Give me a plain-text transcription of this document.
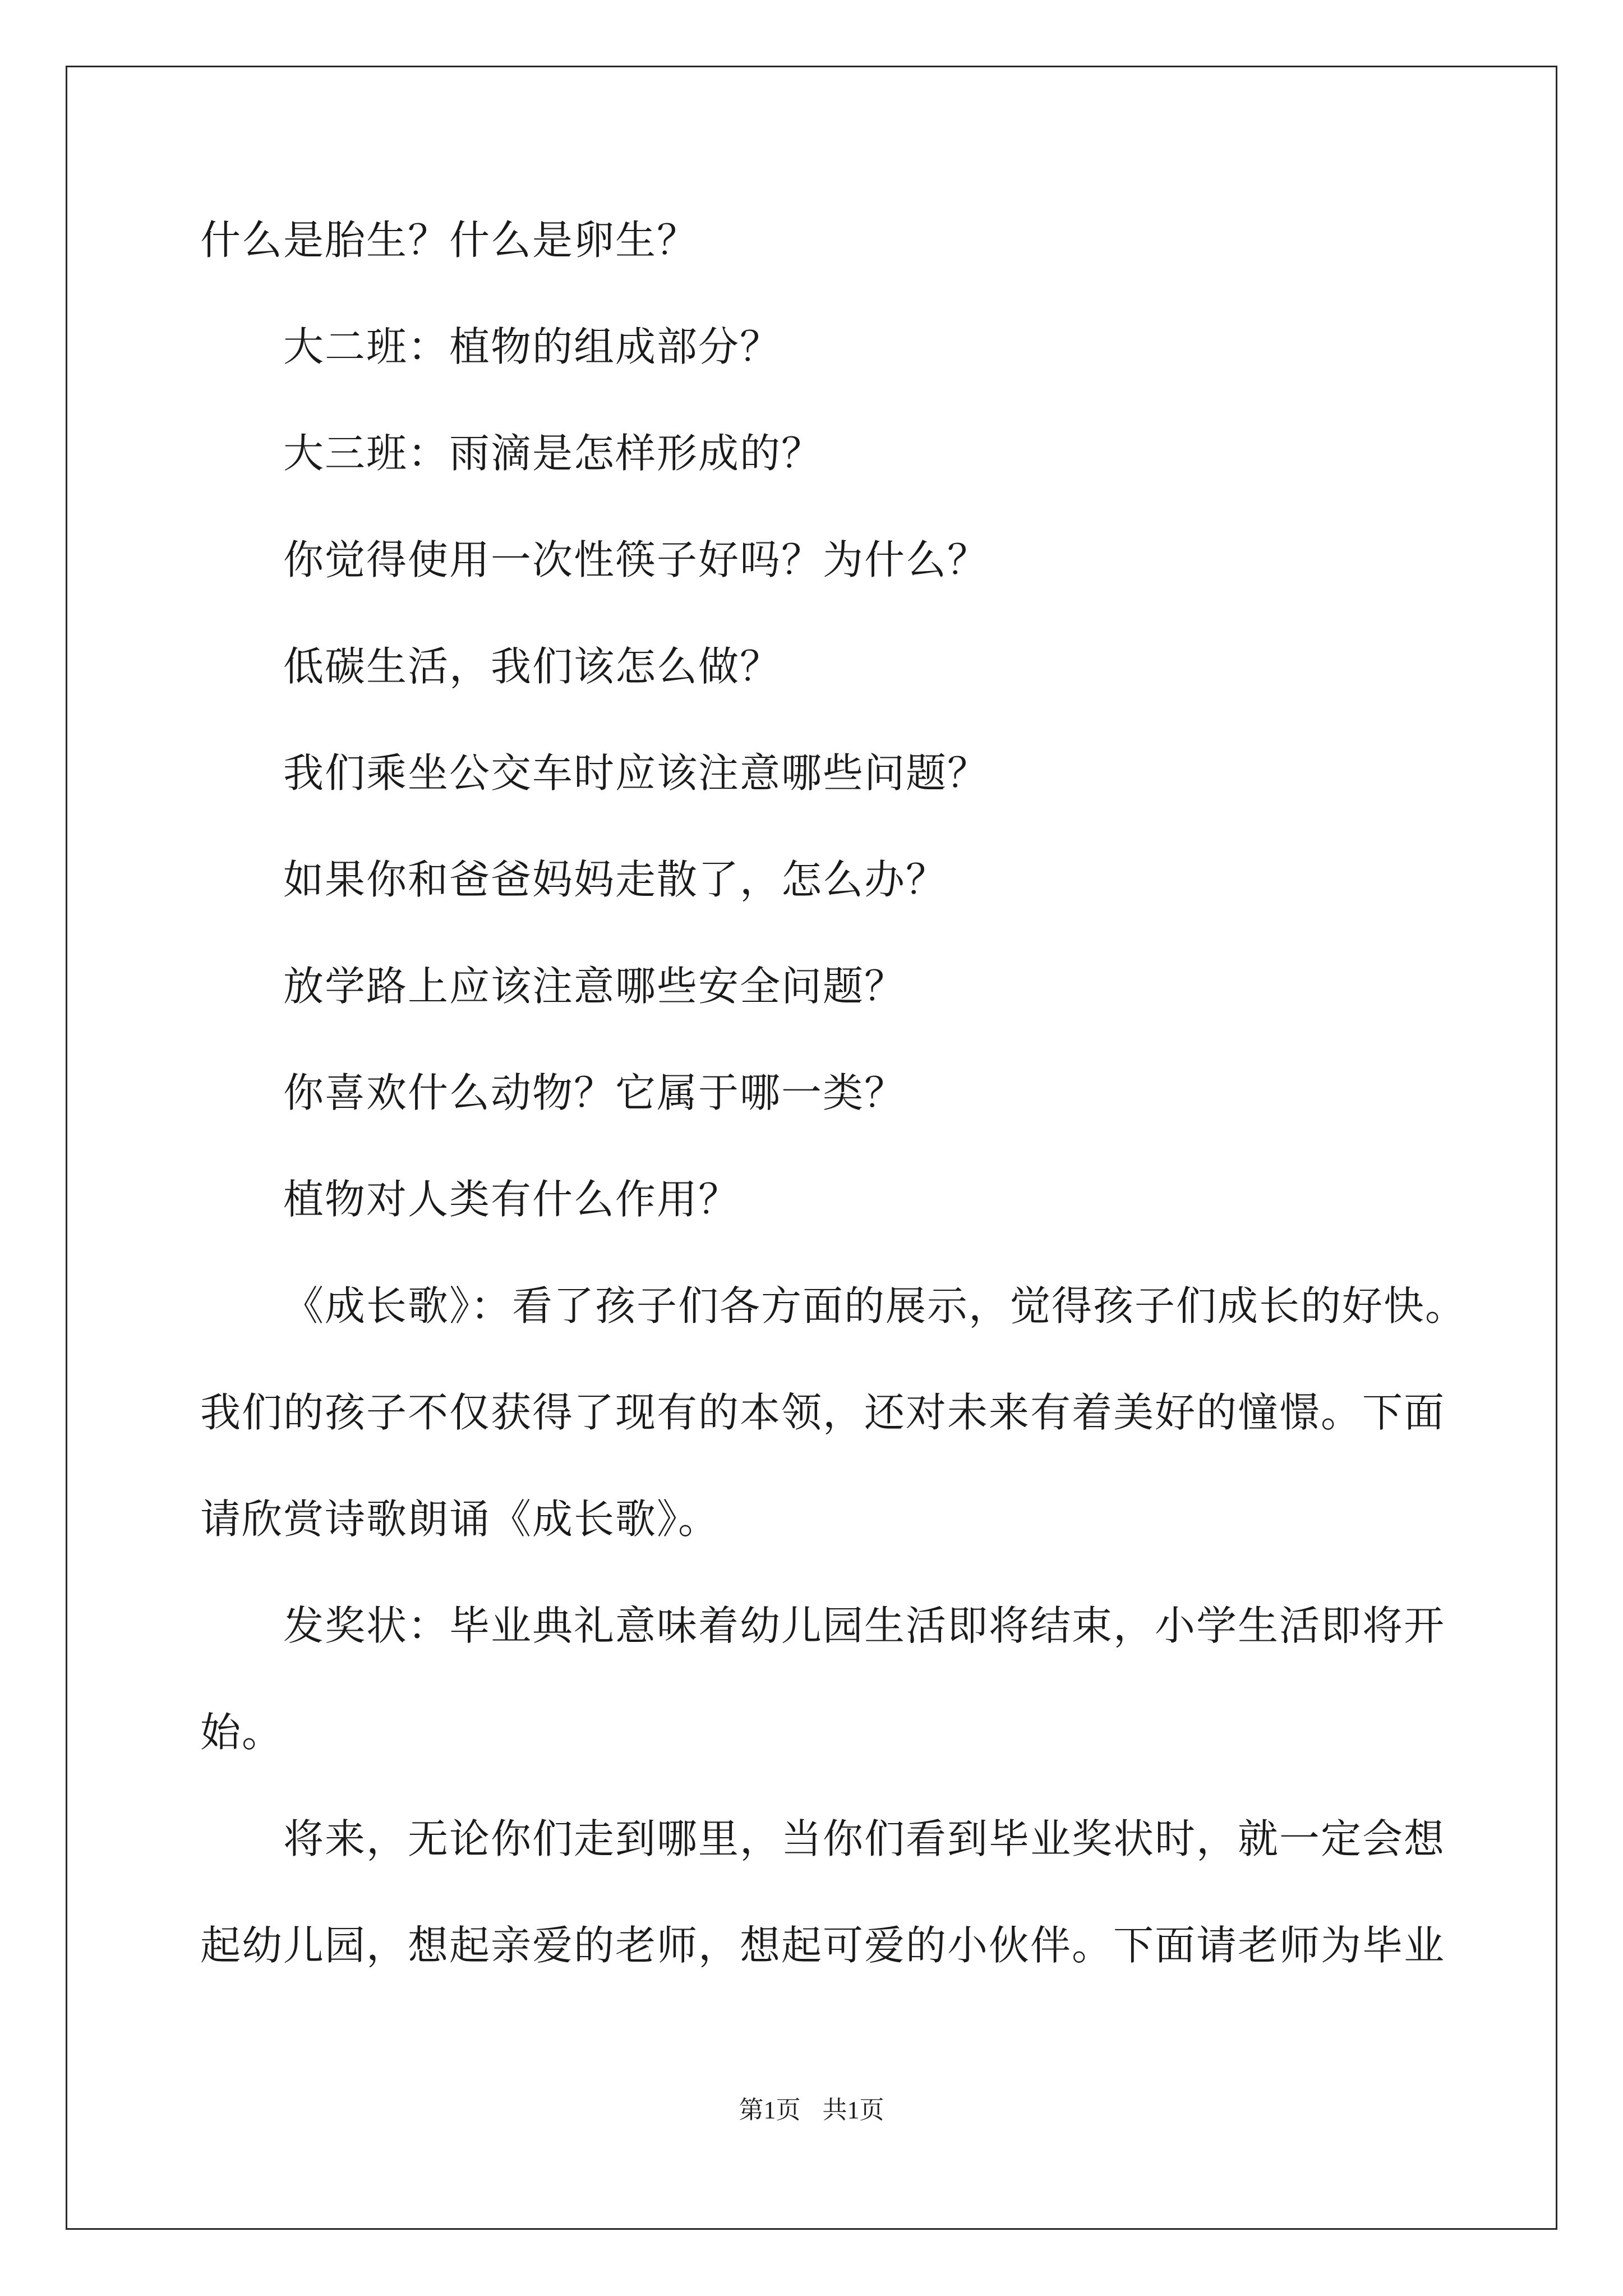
什么是胎生？什么是卵生？
大二班：植物的组成部分？
大三班：雨滴是怎样形成的？
你觉得使用一次性筷子好吗？为什么？
低碳生活，我们该怎么做？
我们乘坐公交车时应该注意哪些问题？
如果你和爸爸妈妈走散了，怎么办？
放学路上应该注意哪些安全问题？
你喜欢什么动物？它属于哪一类？
植物对人类有什么作用？
《成长歌》：看了孩子们各方面的展示，觉得孩子们成长的好快。
我们的孩子不仅获得了现有的本领，还对未来有着美好的憧憬。下面
请欣赏诗歌朗诵《成长歌》。
发奖状：毕业典礼意味着幼儿园生活即将结束，小学生活即将开
始。
将来，无论你们走到哪里，当你们看到毕业奖状时，就一定会想
起幼儿园，想起亲爱的老师，想起可爱的小伙伴。下面请老师为毕业
第1页 共1页
